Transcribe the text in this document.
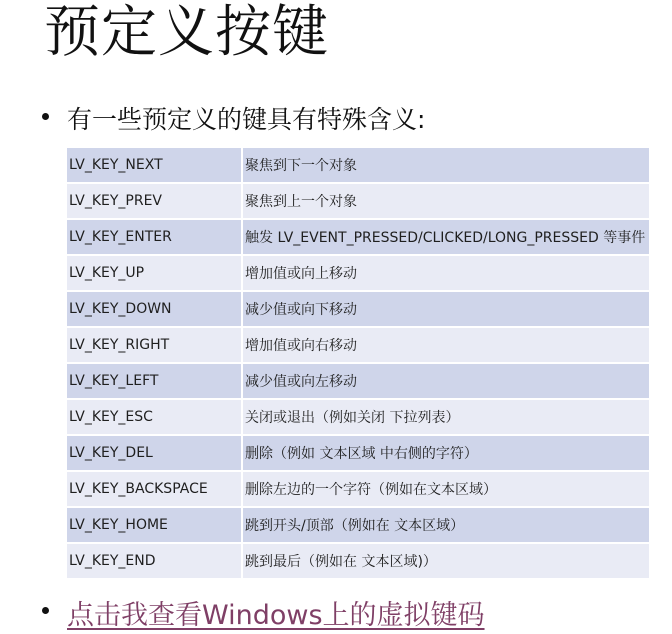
预定义按键
有一些预定义的键具有特殊含义:
LV_KEY_NEXT	聚焦到下一个对象
LV_KEY_PREV	聚焦到上一个对象
LV_KEY_ENTER	触发 LV_EVENT_PRESSED/CLICKED/LONG_PRESSED 等事件
LV_KEY_UP	增加值或向上移动
LV_KEY_DOWN	减少值或向下移动
LV_KEY_RIGHT	增加值或向右移动
LV_KEY_LEFT	减少值或向左移动
LV_KEY_ESC	关闭或退出（例如关闭 下拉列表）
LV_KEY_DEL	删除（例如 文本区域 中右侧的字符）
LV_KEY_BACKSPACE	删除左边的一个字符（例如在文本区域）
LV_KEY_HOME	跳到开头/顶部（例如在 文本区域）
LV_KEY_END	跳到最后（例如在 文本区域)）
点击我查看Windows上的虚拟键码
